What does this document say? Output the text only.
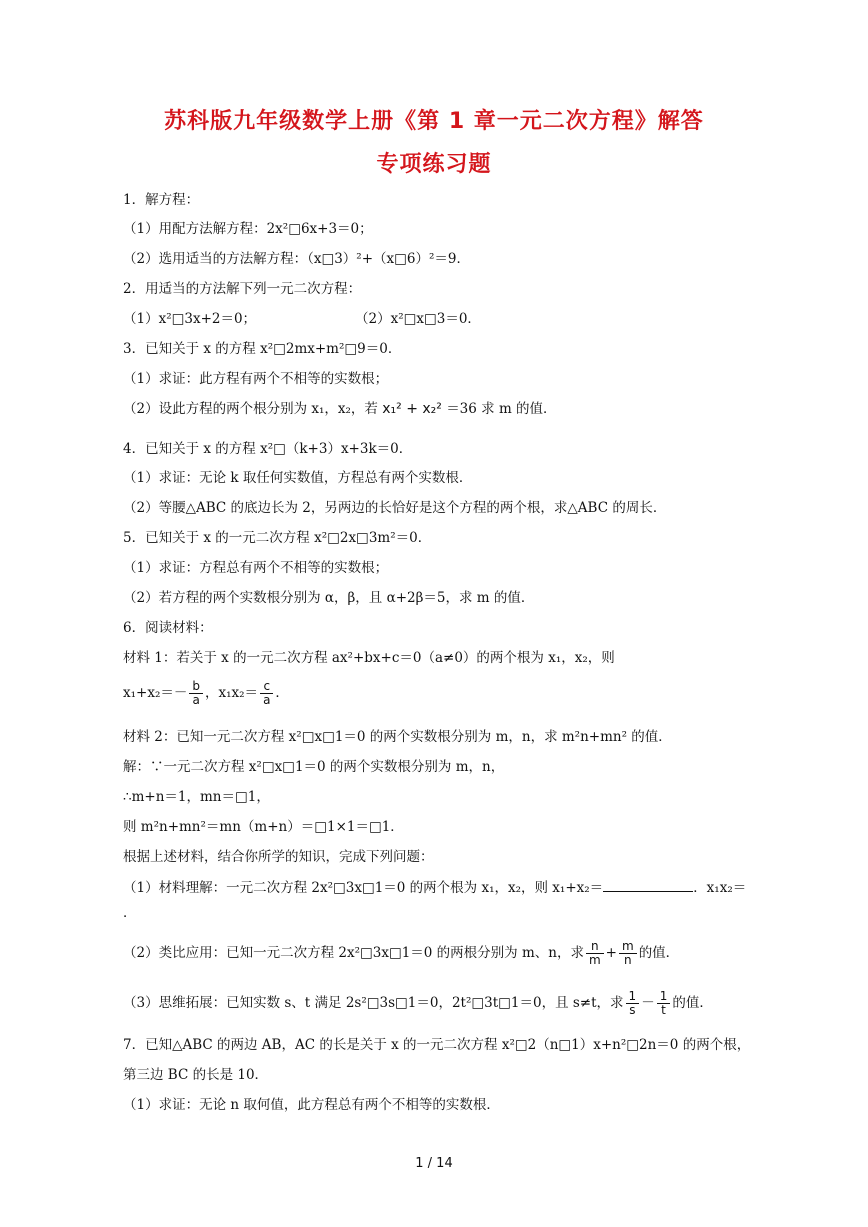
苏科版九年级数学上册《第 1 章一元二次方程》解答
专项练习题
1．解方程：
（1）用配方法解方程：2x²□6x+3＝0；
（2）选用适当的方法解方程：（x□3）²+（x□6）²＝9．
2．用适当的方法解下列一元二次方程：
（1）x²□3x+2＝0；	（2）x²□x□3＝0．
3．已知关于 x 的方程 x²□2mx+m²□9＝0．
（1）求证：此方程有两个不相等的实数根；
（2）设此方程的两个根分别为 x₁，x₂，若 x₁² + x₂² ＝36 求 m 的值．
4．已知关于 x 的方程 x²□（k+3）x+3k＝0．
（1）求证：无论 k 取任何实数值，方程总有两个实数根．
（2）等腰△ABC 的底边长为 2，另两边的长恰好是这个方程的两个根，求△ABC 的周长．
5．已知关于 x 的一元二次方程 x²□2x□3m²＝0．
（1）求证：方程总有两个不相等的实数根；
（2）若方程的两个实数根分别为 α，β，且 α+2β＝5，求 m 的值．
6．阅读材料：
材料 1：若关于 x 的一元二次方程 ax²+bx+c＝0（a≠0）的两个根为 x₁，x₂，则
$x_1+x_2=- \frac{b}{a}$ ，$x_1x_2= \frac{c}{a}$ ．
材料 2：已知一元二次方程 x²□x□1＝0 的两个实数根分别为 m，n，求 m²n+mn² 的值．
解：∵一元二次方程 x²□x□1＝0 的两个实数根分别为 m，n，
∴m+n＝1，mn＝□1，
则 m²n+mn²＝mn（m+n）＝□1×1＝□1．
根据上述材料，结合你所学的知识，完成下列问题：
（1）材料理解：一元二次方程 2x²□3x□1＝0 的两个根为 x₁，x₂，则 x₁+x₂＝	．x₁x₂＝
．
（2）类比应用：已知一元二次方程 2x²□3x□1＝0 的两根分别为 m、n，求 $\frac{n}{m} + \frac{m}{n}$ 的值．
（3）思维拓展：已知实数 s、t 满足 2s²□3s□1＝0，2t²□3t□1＝0，且 s≠t，求 $\frac{1}{s} - \frac{1}{t}$ 的值．
7．已知△ABC 的两边 AB，AC 的长是关于 x 的一元二次方程 x²□2（n□1）x+n²□2n＝0 的两个根，
第三边 BC 的长是 10．
（1）求证：无论 n 取何值，此方程总有两个不相等的实数根．
1 / 14
